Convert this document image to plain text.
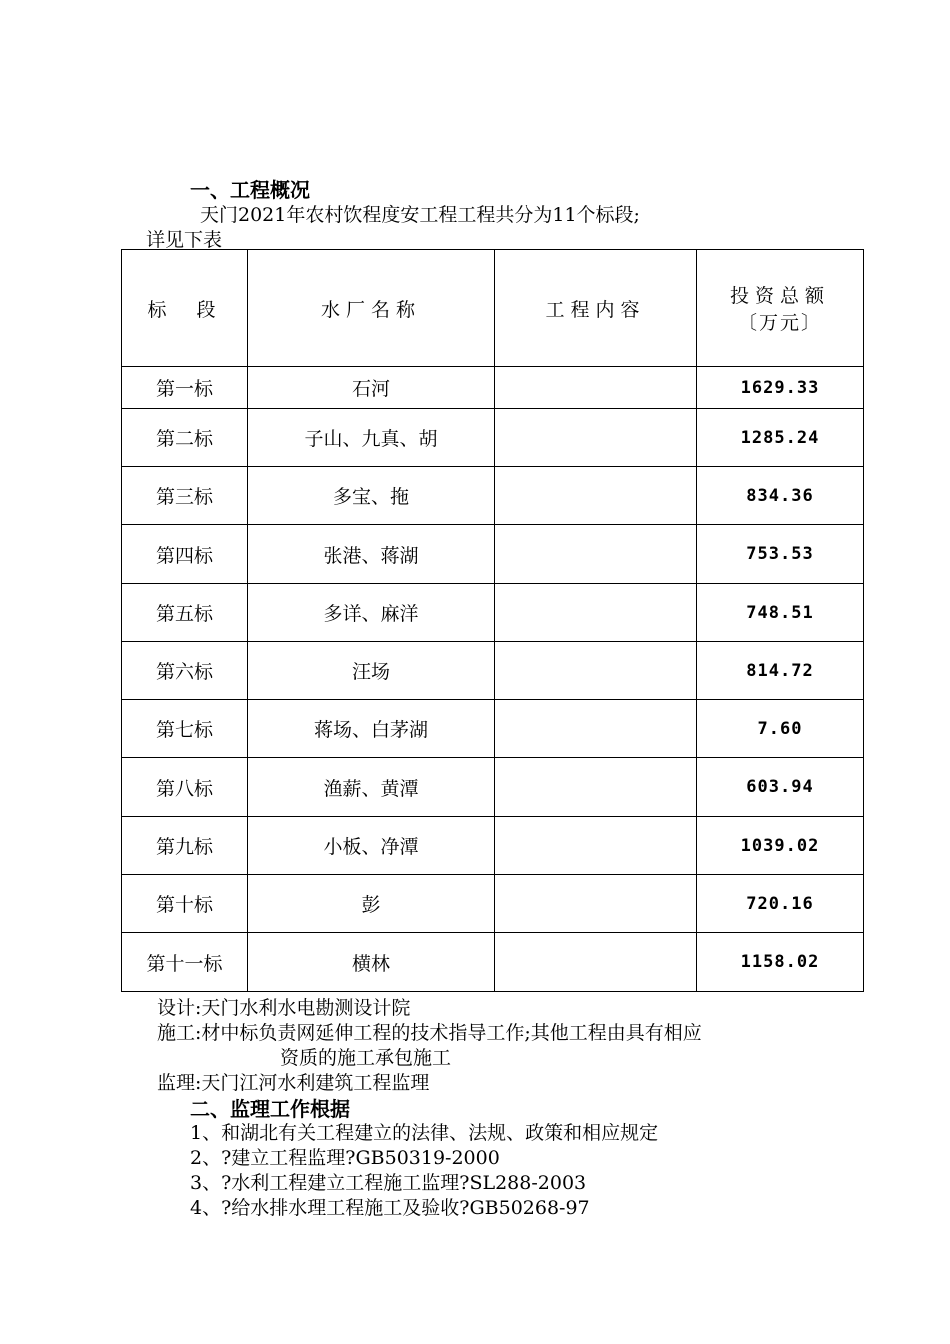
一、工程概况
天门2021年农村饮程度安工程工程共分为11个标段;
详见下表
标  段	水厂名称	工程内容	投资总额
〔万元〕

第一标	石河		1629.33
第二标	子山、九真、胡		1285.24
第三标	多宝、拖		834.36
第四标	张港、蒋湖		753.53
第五标	多详、麻洋		748.51
第六标	汪场		814.72
第七标	蒋场、白茅湖		7.60
第八标	渔薪、黄潭		603.94
第九标	小板、净潭		1039.02
第十标	彭		720.16
第十一标	横林		1158.02
设计:天门水利水电勘测设计院
施工:材中标负责网延伸工程的技术指导工作;其他工程由具有相应
资质的施工承包施工
监理:天门江河水利建筑工程监理
二、监理工作根据
1、和湖北有关工程建立的法律、法规、政策和相应规定
2、?建立工程监理?GB50319-2000
3、?水利工程建立工程施工监理?SL288-2003
4、?给水排水理工程施工及验收?GB50268-97
